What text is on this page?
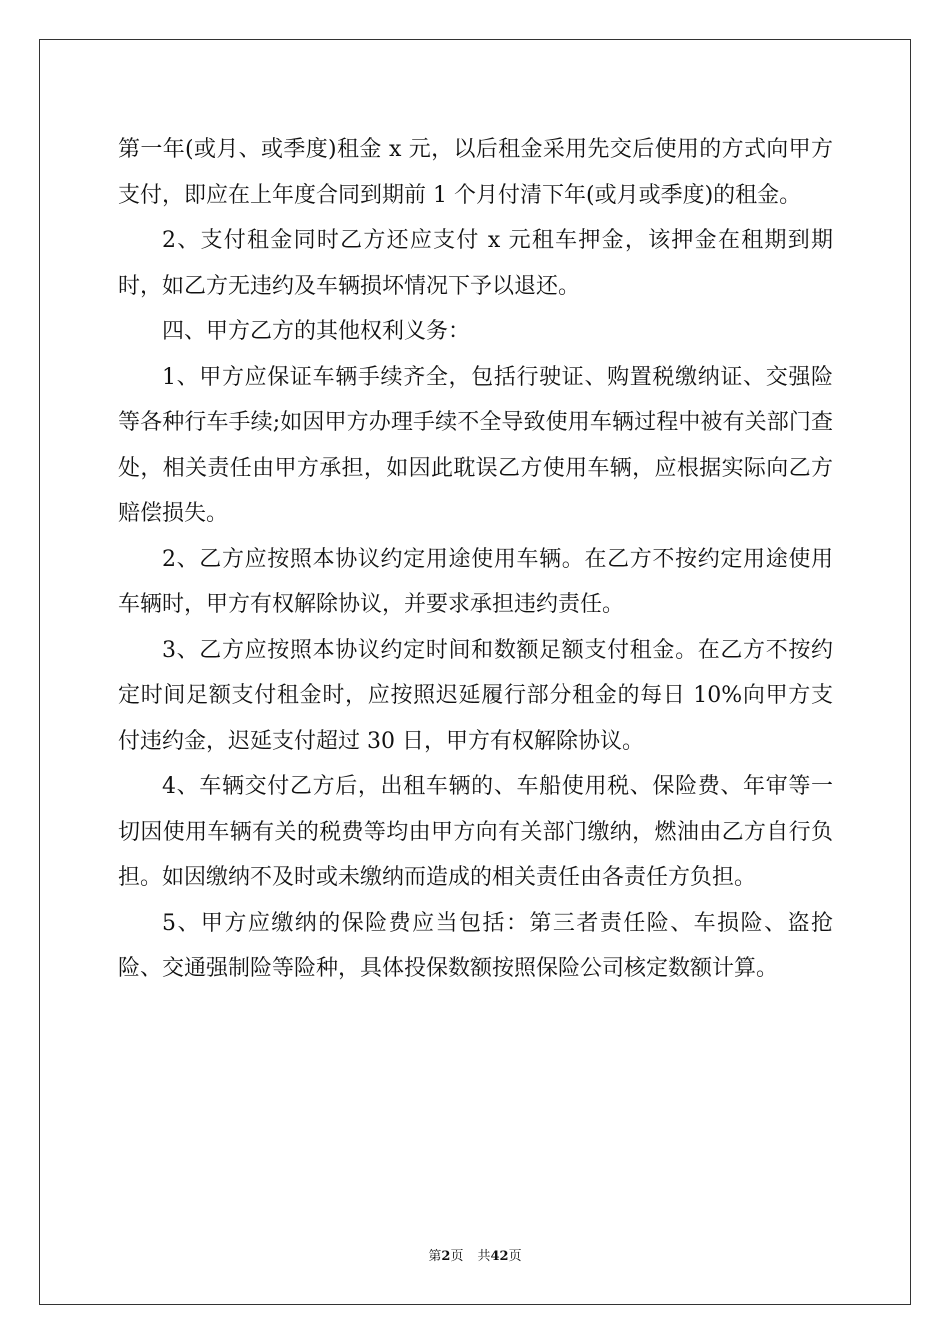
第一年(或月、或季度)租金 x 元，以后租金采用先交后使用的方式向甲方支付，即应在上年度合同到期前 1 个月付清下年(或月或季度)的租金。

2、支付租金同时乙方还应支付 x 元租车押金，该押金在租期到期时，如乙方无违约及车辆损坏情况下予以退还。

四、甲方乙方的其他权利义务：

1、甲方应保证车辆手续齐全，包括行驶证、购置税缴纳证、交强险等各种行车手续;如因甲方办理手续不全导致使用车辆过程中被有关部门查处，相关责任由甲方承担，如因此耽误乙方使用车辆，应根据实际向乙方赔偿损失。

2、乙方应按照本协议约定用途使用车辆。在乙方不按约定用途使用车辆时，甲方有权解除协议，并要求承担违约责任。

3、乙方应按照本协议约定时间和数额足额支付租金。在乙方不按约定时间足额支付租金时，应按照迟延履行部分租金的每日 10%向甲方支付违约金，迟延支付超过 30 日，甲方有权解除协议。

4、车辆交付乙方后，出租车辆的、车船使用税、保险费、年审等一切因使用车辆有关的税费等均由甲方向有关部门缴纳，燃油由乙方自行负担。如因缴纳不及时或未缴纳而造成的相关责任由各责任方负担。

5、甲方应缴纳的保险费应当包括：第三者责任险、车损险、盗抢险、交通强制险等险种，具体投保数额按照保险公司核定数额计算。

第2页 共42页
